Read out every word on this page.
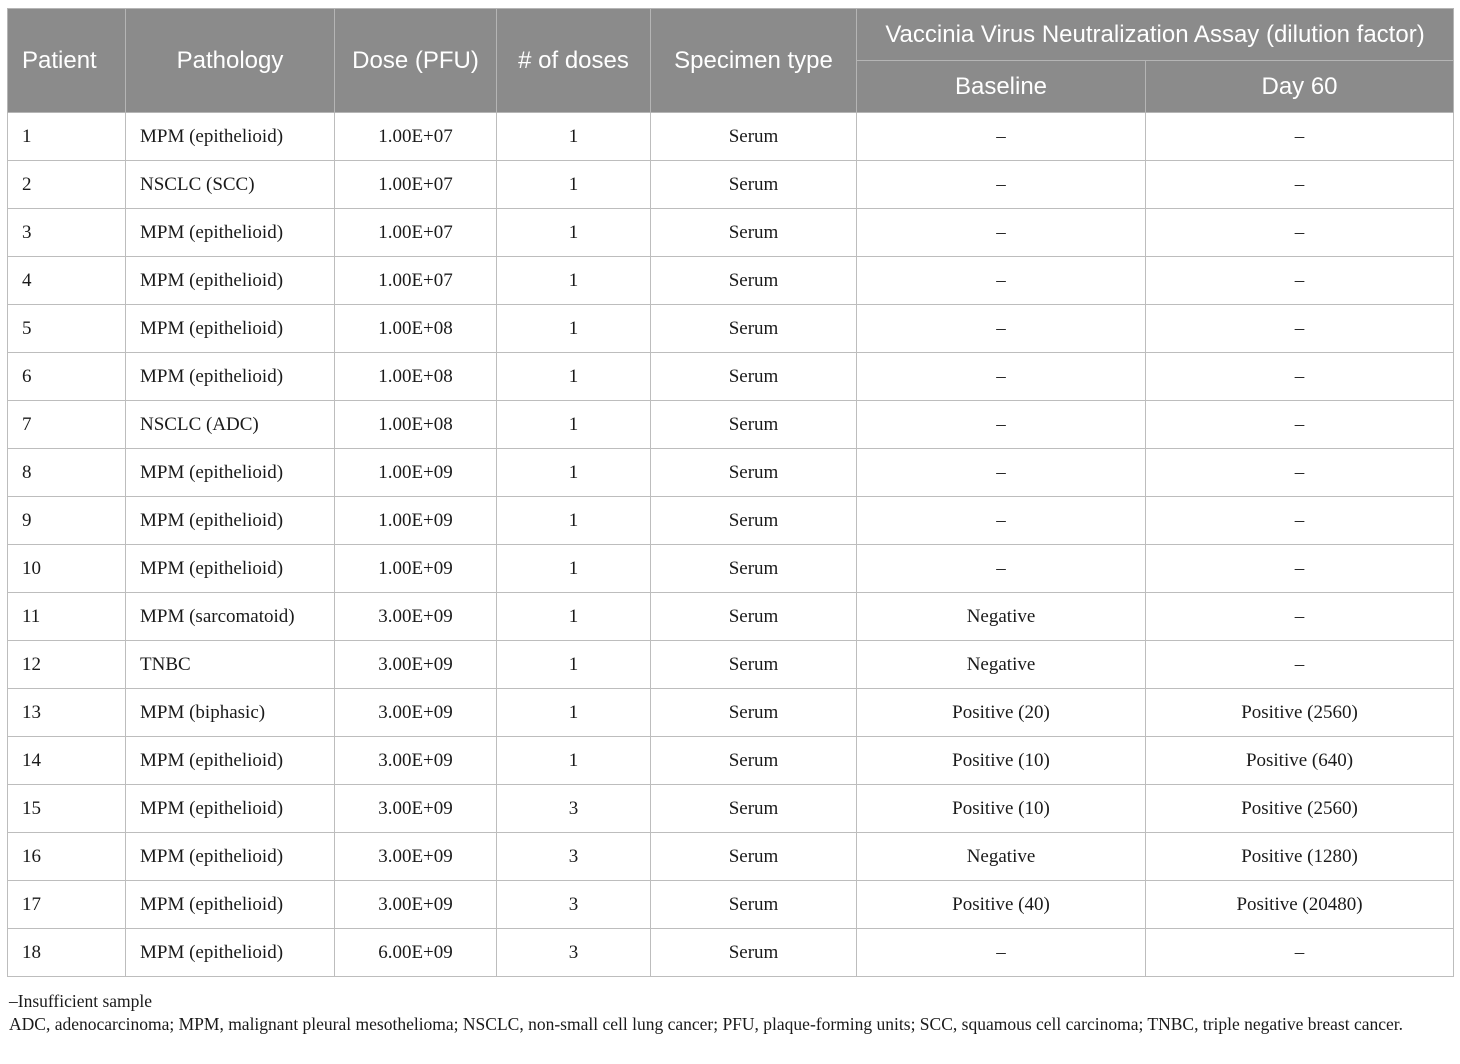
Patient	Pathology	Dose (PFU)	# of doses	Specimen type	Vaccinia Virus Neutralization Assay (dilution factor)	
					Baseline	Day 60
1	MPM (epithelioid)	1.00E+07	1	Serum	–	–
2	NSCLC (SCC)	1.00E+07	1	Serum	–	–
3	MPM (epithelioid)	1.00E+07	1	Serum	–	–
4	MPM (epithelioid)	1.00E+07	1	Serum	–	–
5	MPM (epithelioid)	1.00E+08	1	Serum	–	–
6	MPM (epithelioid)	1.00E+08	1	Serum	–	–
7	NSCLC (ADC)	1.00E+08	1	Serum	–	–
8	MPM (epithelioid)	1.00E+09	1	Serum	–	–
9	MPM (epithelioid)	1.00E+09	1	Serum	–	–
10	MPM (epithelioid)	1.00E+09	1	Serum	–	–
11	MPM (sarcomatoid)	3.00E+09	1	Serum	Negative	–
12	TNBC	3.00E+09	1	Serum	Negative	–
13	MPM (biphasic)	3.00E+09	1	Serum	Positive (20)	Positive (2560)
14	MPM (epithelioid)	3.00E+09	1	Serum	Positive (10)	Positive (640)
15	MPM (epithelioid)	3.00E+09	3	Serum	Positive (10)	Positive (2560)
16	MPM (epithelioid)	3.00E+09	3	Serum	Negative	Positive (1280)
17	MPM (epithelioid)	3.00E+09	3	Serum	Positive (40)	Positive (20480)
18	MPM (epithelioid)	6.00E+09	3	Serum	–	–

–Insufficient sample

ADC, adenocarcinoma; MPM, malignant pleural mesothelioma; NSCLC, non-small cell lung cancer; PFU, plaque-forming units; SCC, squamous cell carcinoma; TNBC, triple negative breast cancer.
